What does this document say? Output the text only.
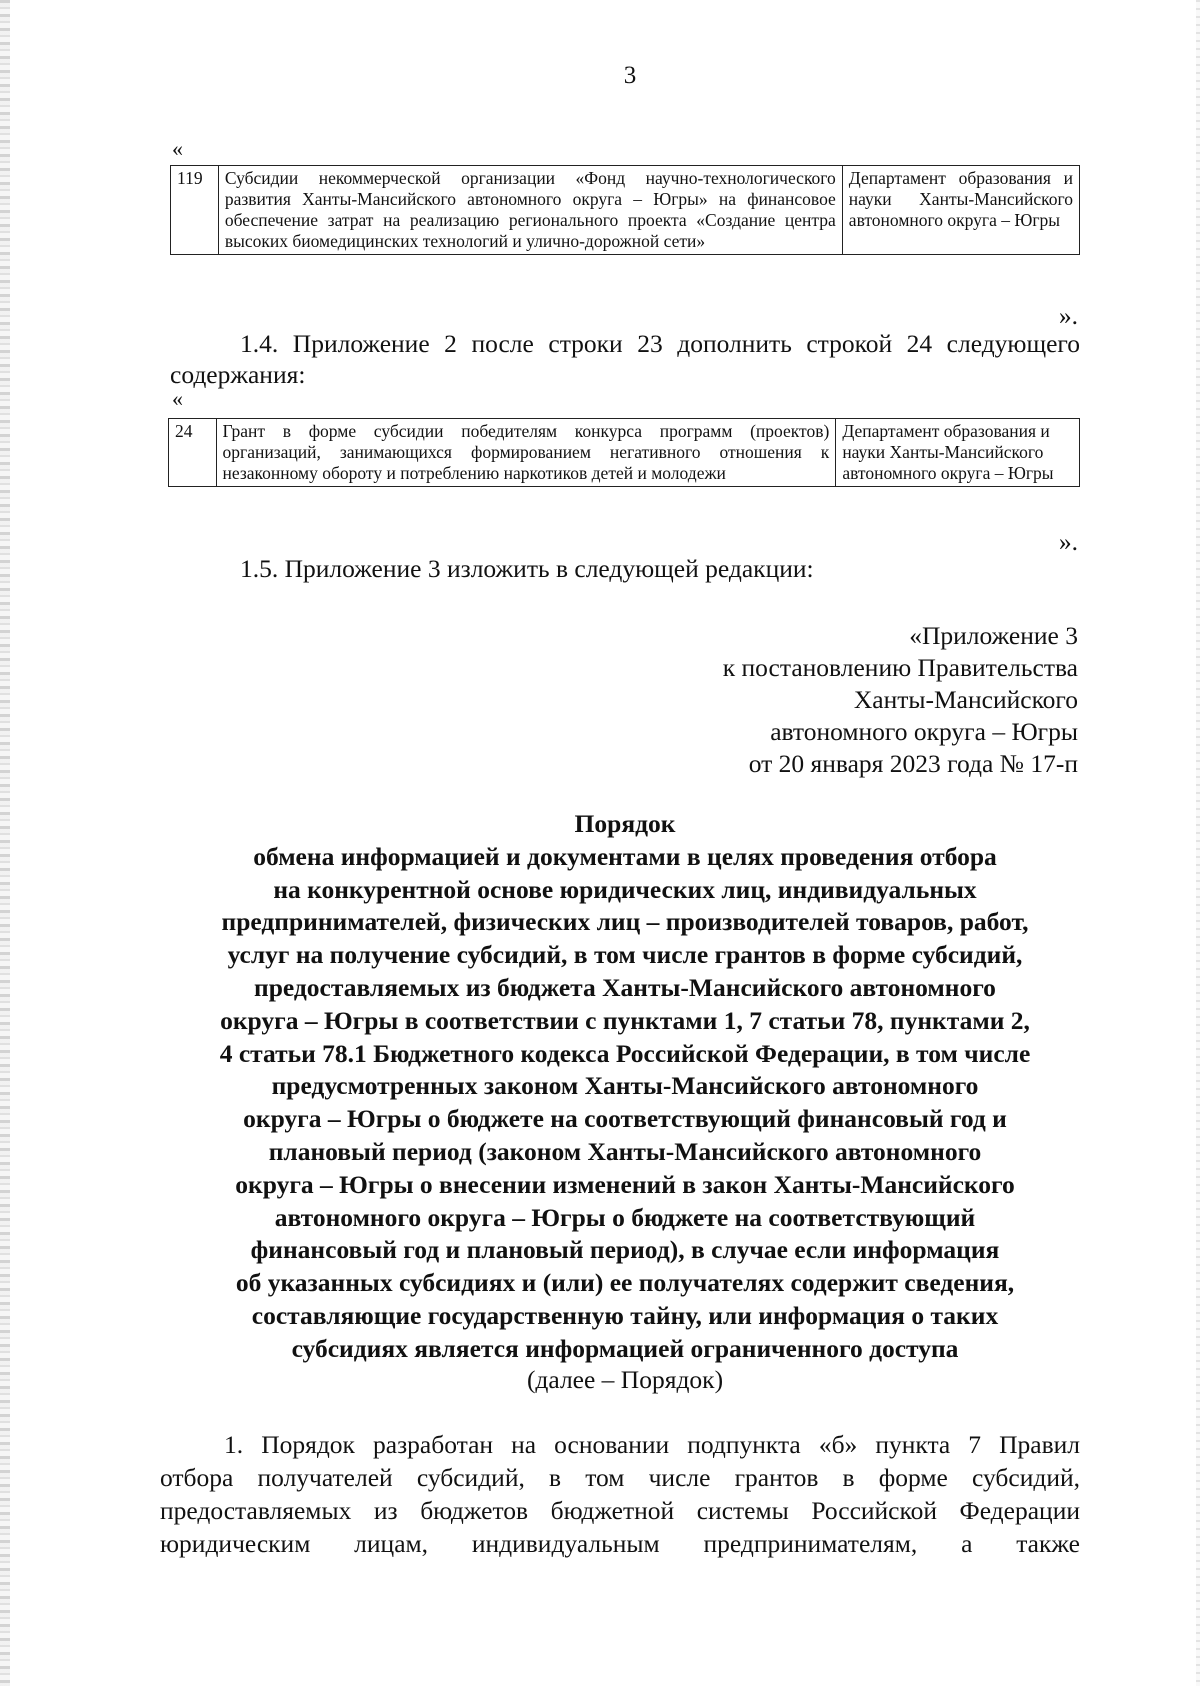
3
«
119	Субсидии некоммерческой организации «Фонд научно-технологического развития Ханты-Мансийского автономного округа – Югры» на финансовое обеспечение затрат на реализацию регионального проекта «Создание центра высоких биомедицинских технологий и улично-дорожной сети»	Департамент образования и науки Ханты-Мансийского автономного округа – Югры
».
1.4. Приложение 2 после строки 23 дополнить строкой 24 следующего содержания:
«
24	Грант в форме субсидии победителям конкурса программ (проектов) организаций, занимающихся формированием негативного отношения к незаконному обороту и потреблению наркотиков детей и молодежи	Департамент образования и науки Ханты-Мансийского автономного округа – Югры
».
1.5. Приложение 3 изложить в следующей редакции:
«Приложение 3
к постановлению Правительства
Ханты-Мансийского
автономного округа – Югры
от 20 января 2023 года № 17-п
Порядок
обмена информацией и документами в целях проведения отбора
на конкурентной основе юридических лиц, индивидуальных
предпринимателей, физических лиц – производителей товаров, работ,
услуг на получение субсидий, в том числе грантов в форме субсидий,
предоставляемых из бюджета Ханты-Мансийского автономного
округа – Югры в соответствии с пунктами 1, 7 статьи 78, пунктами 2,
4 статьи 78.1 Бюджетного кодекса Российской Федерации, в том числе
предусмотренных законом Ханты-Мансийского автономного
округа – Югры о бюджете на соответствующий финансовый год и
плановый период (законом Ханты-Мансийского автономного
округа – Югры о внесении изменений в закон Ханты-Мансийского
автономного округа – Югры о бюджете на соответствующий
финансовый год и плановый период), в случае если информация
об указанных субсидиях и (или) ее получателях содержит сведения,
составляющие государственную тайну, или информация о таких
субсидиях является информацией ограниченного доступа
(далее – Порядок)
1. Порядок разработан на основании подпункта «б» пункта 7 Правил
отбора получателей субсидий, в том числе грантов в форме субсидий,
предоставляемых из бюджетов бюджетной системы Российской Федерации
юридическим лицам, индивидуальным предпринимателям, а также
